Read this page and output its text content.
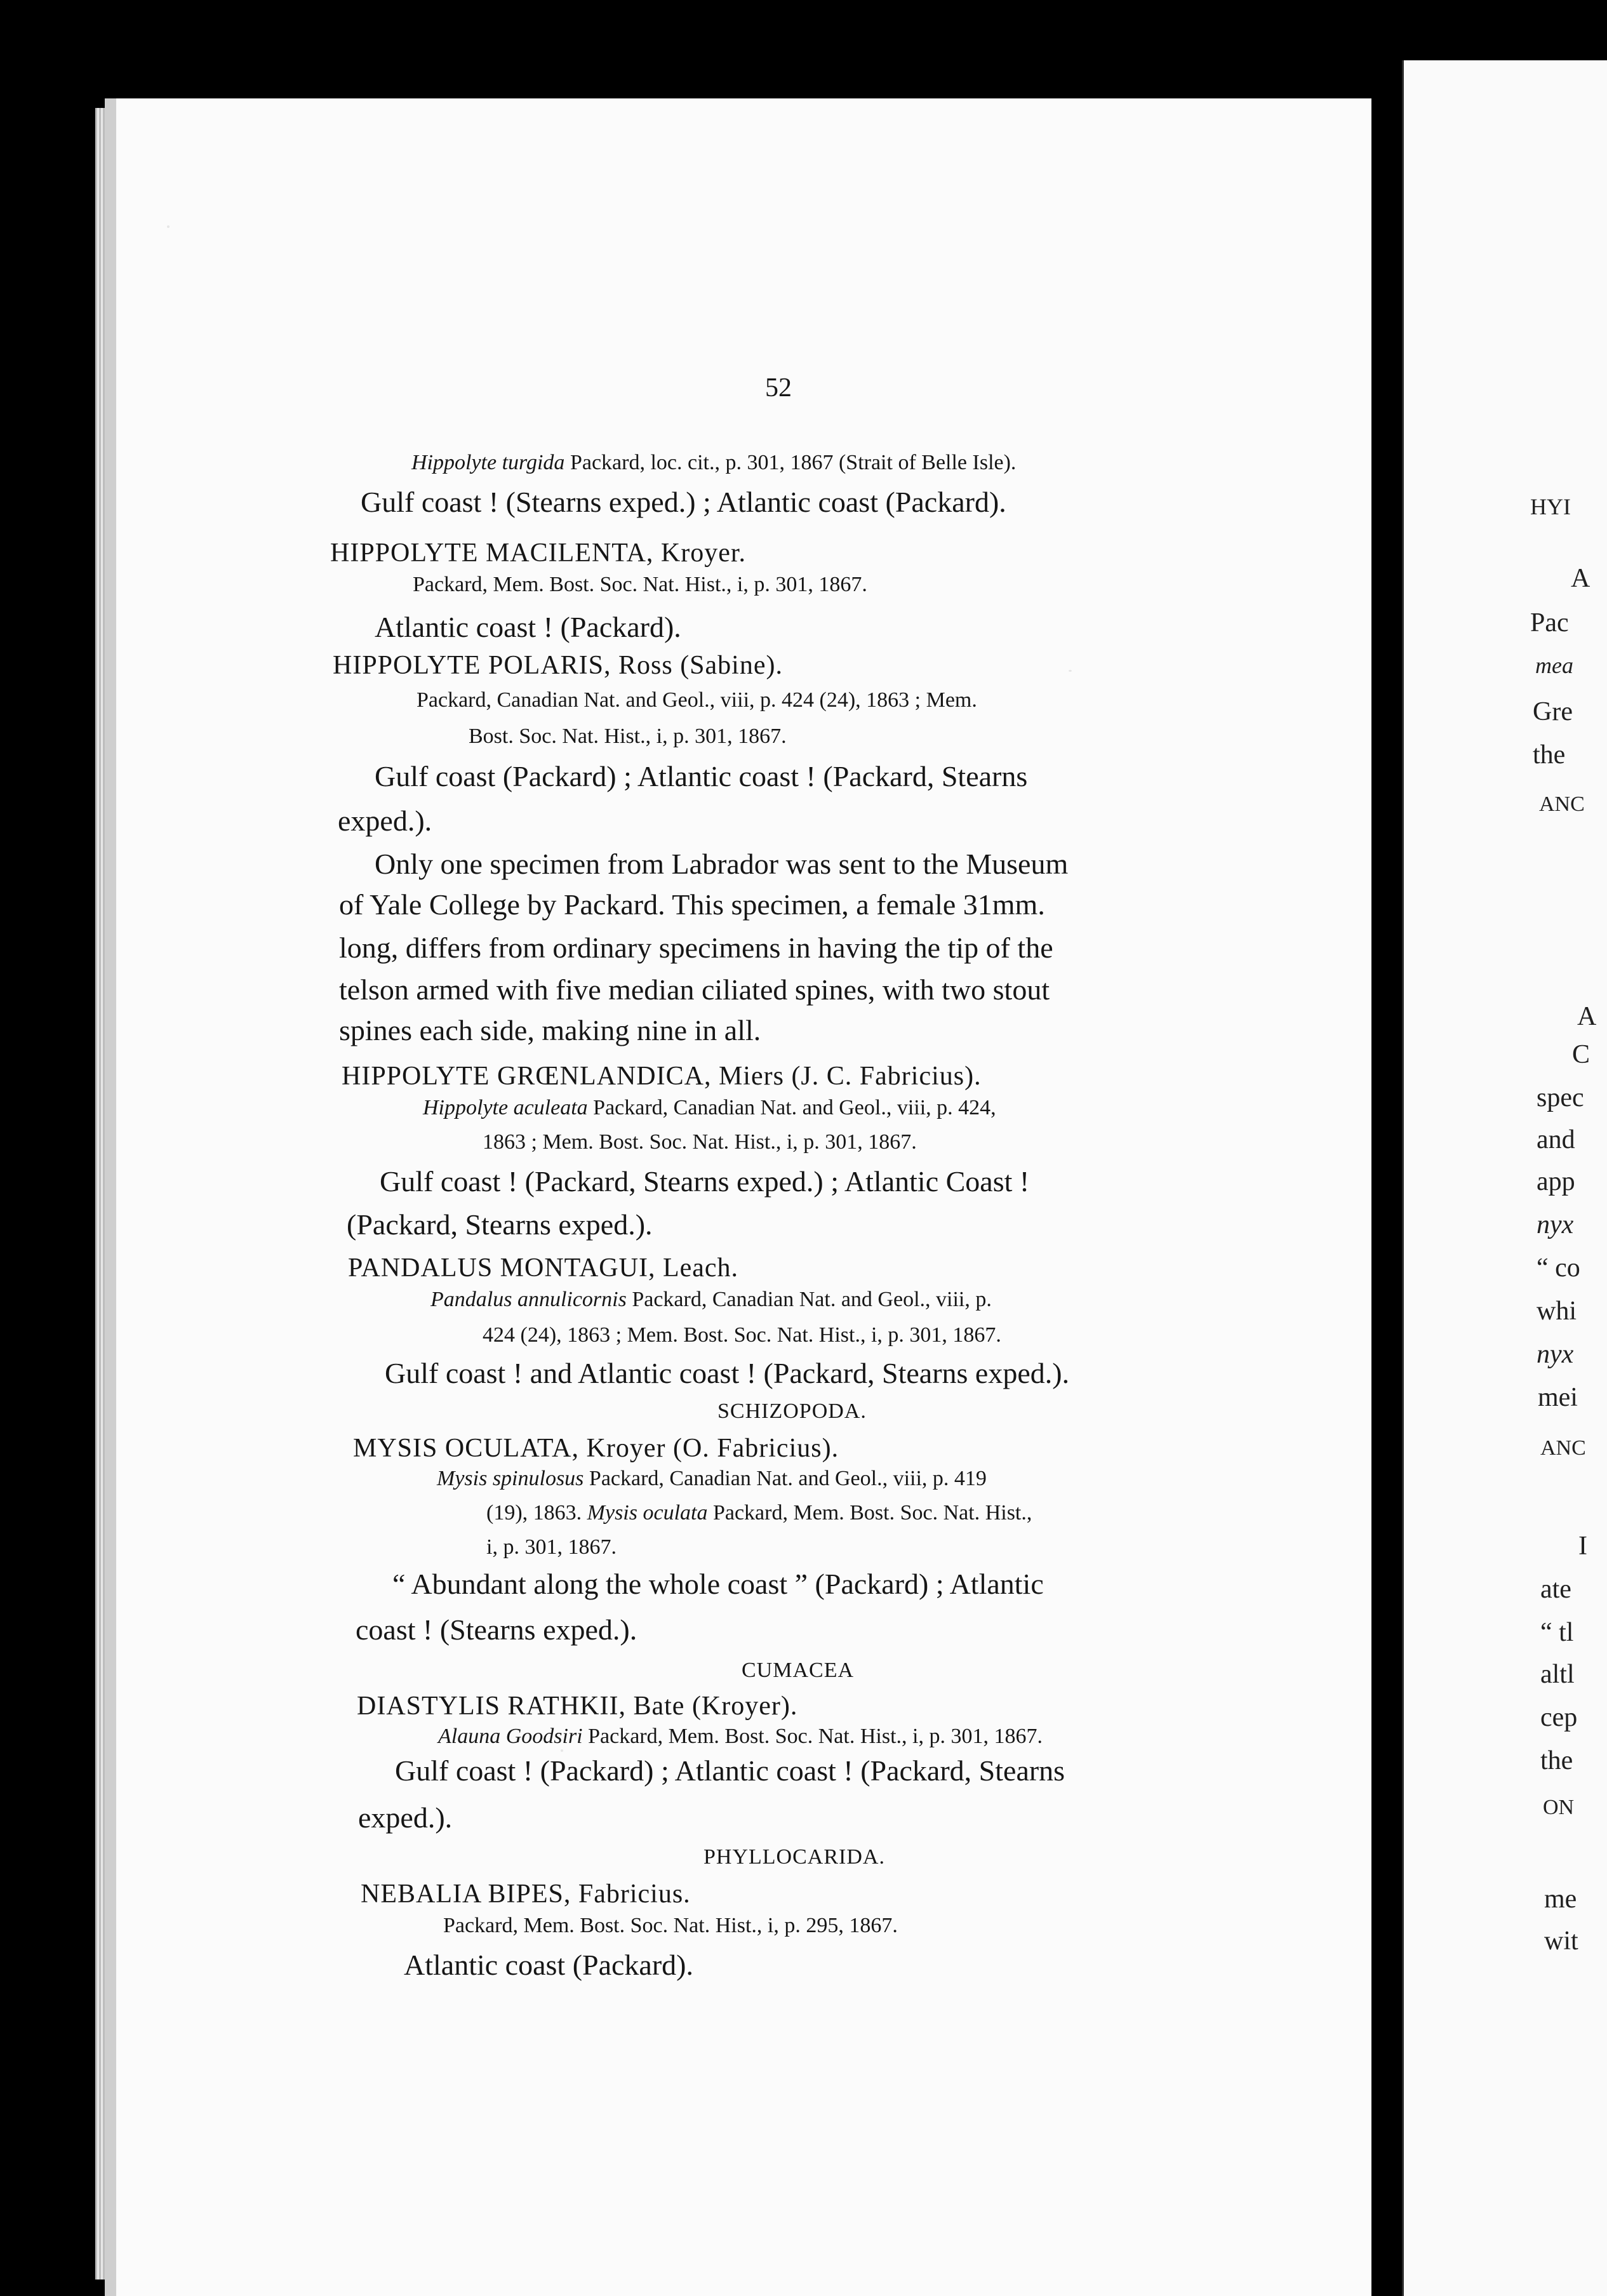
52
Hippolyte turgida Packard, loc. cit., p. 301, 1867 (Strait of Belle Isle).
Gulf coast ! (Stearns exped.) ; Atlantic coast (Packard).
HIPPOLYTE MACILENTA, Kroyer.
Packard, Mem. Bost. Soc. Nat. Hist., i, p. 301, 1867.
Atlantic coast ! (Packard).
HIPPOLYTE POLARIS, Ross (Sabine).
Packard, Canadian Nat. and Geol., viii, p. 424 (24), 1863 ; Mem.
Bost. Soc. Nat. Hist., i, p. 301, 1867.
Gulf coast (Packard) ; Atlantic coast ! (Packard, Stearns
exped.).
Only one specimen from Labrador was sent to the Museum
of Yale College by Packard. This specimen, a female 31mm.
long, differs from ordinary specimens in having the tip of the
telson armed with five median ciliated spines, with two stout
spines each side, making nine in all.
HIPPOLYTE GRŒNLANDICA, Miers (J. C. Fabricius).
Hippolyte aculeata Packard, Canadian Nat. and Geol., viii, p. 424,
1863 ; Mem. Bost. Soc. Nat. Hist., i, p. 301, 1867.
Gulf coast ! (Packard, Stearns exped.) ; Atlantic Coast !
(Packard, Stearns exped.).
PANDALUS MONTAGUI, Leach.
Pandalus annulicornis Packard, Canadian Nat. and Geol., viii, p.
424 (24), 1863 ; Mem. Bost. Soc. Nat. Hist., i, p. 301, 1867.
Gulf coast ! and Atlantic coast ! (Packard, Stearns exped.).
SCHIZOPODA.
MYSIS OCULATA, Kroyer (O. Fabricius).
Mysis spinulosus Packard, Canadian Nat. and Geol., viii, p. 419
(19), 1863. Mysis oculata Packard, Mem. Bost. Soc. Nat. Hist.,
i, p. 301, 1867.
“ Abundant along the whole coast ” (Packard) ; Atlantic
coast ! (Stearns exped.).
CUMACEA
DIASTYLIS RATHKII, Bate (Kroyer).
Alauna Goodsiri Packard, Mem. Bost. Soc. Nat. Hist., i, p. 301, 1867.
Gulf coast ! (Packard) ; Atlantic coast ! (Packard, Stearns
exped.).
PHYLLOCARIDA.
NEBALIA BIPES, Fabricius.
Packard, Mem. Bost. Soc. Nat. Hist., i, p. 295, 1867.
Atlantic coast (Packard).
HYI
A
Pac
mea
Gre
the
ANC
A
C
spec
and
app
nyx
“ co
whi
nyx
mei
ANC
I
ate
“ tl
altl
cep
the
ON
me
wit
